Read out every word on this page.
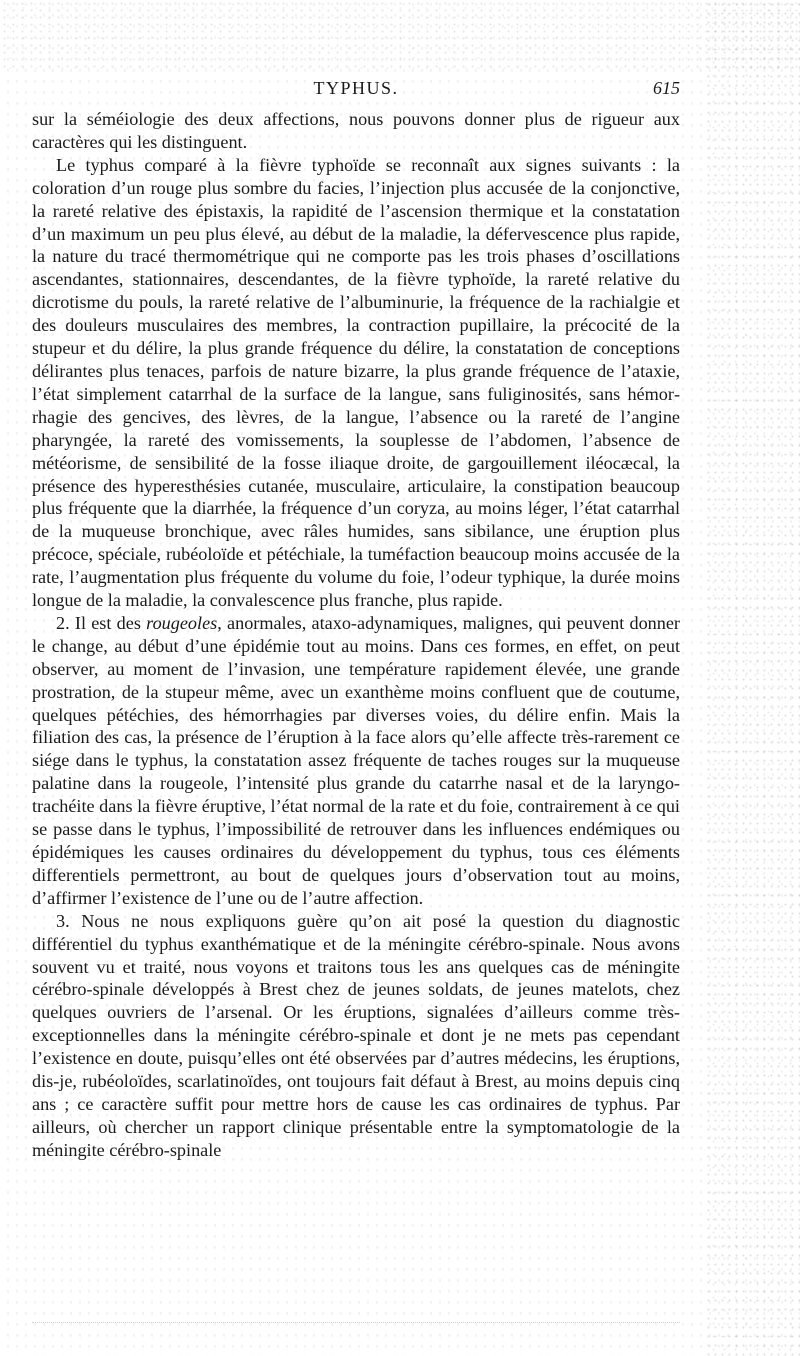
TYPHUS.	615

sur la séméiologie des deux affections, nous pouvons donner plus de rigueur aux caractères qui les distinguent.

Le typhus comparé à la fièvre typhoïde se reconnaît aux signes suivants : la coloration d’un rouge plus sombre du facies, l’injection plus accusée de la conjonctive, la rareté relative des épistaxis, la rapidité de l’ascension thermique et la constatation d’un maximum un peu plus élevé, au début de la maladie, la défervescence plus rapide, la nature du tracé thermométrique qui ne comporte pas les trois phases d’oscillations ascendantes, stationnaires, descendantes, de la fièvre typhoïde, la rareté relative du dicrotisme du pouls, la rareté relative de l’albuminurie, la fréquence de la rachialgie et des douleurs musculaires des membres, la contraction pupillaire, la précocité de la stupeur et du délire, la plus grande fréquence du délire, la constatation de conceptions délirantes plus tenaces, parfois de nature bizarre, la plus grande fréquence de l’ataxie, l’état simplement catarrhal de la surface de la langue, sans fuliginosités, sans hémorrhagie des gencives, des lèvres, de la langue, l’absence ou la rareté de l’angine pharyngée, la rareté des vomissements, la souplesse de l’abdomen, l’absence de météorisme, de sensibilité de la fosse iliaque droite, de gargouillement iléocæcal, la présence des hyperesthésies cutanée, musculaire, articulaire, la constipation beaucoup plus fréquente que la diarrhée, la fréquence d’un coryza, au moins léger, l’état catarrhal de la muqueuse bronchique, avec râles humides, sans sibilance, une éruption plus précoce, spéciale, rubéoloïde et pétéchiale, la tuméfaction beaucoup moins accusée de la rate, l’augmentation plus fréquente du volume du foie, l’odeur typhique, la durée moins longue de la maladie, la convalescence plus franche, plus rapide.

2. Il est des rougeoles, anormales, ataxo-adynamiques, malignes, qui peuvent donner le change, au début d’une épidémie tout au moins. Dans ces formes, en effet, on peut observer, au moment de l’invasion, une température rapidement élevée, une grande prostration, de la stupeur même, avec un exanthème moins confluent que de coutume, quelques pétéchies, des hémorrhagies par diverses voies, du délire enfin. Mais la filiation des cas, la présence de l’éruption à la face alors qu’elle affecte très-rarement ce siége dans le typhus, la constatation assez fréquente de taches rouges sur la muqueuse palatine dans la rougeole, l’intensité plus grande du catarrhe nasal et de la laryngo-trachéite dans la fièvre éruptive, l’état normal de la rate et du foie, contrairement à ce qui se passe dans le typhus, l’impossibilité de retrouver dans les influences endémiques ou épidémiques les causes ordinaires du développement du typhus, tous ces éléments differentiels permettront, au bout de quelques jours d’observation tout au moins, d’affirmer l’existence de l’une ou de l’autre affection.

3. Nous ne nous expliquons guère qu’on ait posé la question du diagnostic différentiel du typhus exanthématique et de la méningite cérébro-spinale. Nous avons souvent vu et traité, nous voyons et traitons tous les ans quelques cas de méningite cérébro-spinale développés à Brest chez de jeunes soldats, de jeunes matelots, chez quelques ouvriers de l’arsenal. Or les éruptions, signalées d’ailleurs comme très-exceptionnelles dans la méningite cérébro-spinale et dont je ne mets pas cependant l’existence en doute, puisqu’elles ont été observées par d’autres médecins, les éruptions, dis-je, rubéoloïdes, scarlatinoïdes, ont toujours fait défaut à Brest, au moins depuis cinq ans ; ce caractère suffit pour mettre hors de cause les cas ordinaires de typhus. Par ailleurs, où chercher un rapport clinique présentable entre la symptomatologie de la méningite cérébro-spinale
